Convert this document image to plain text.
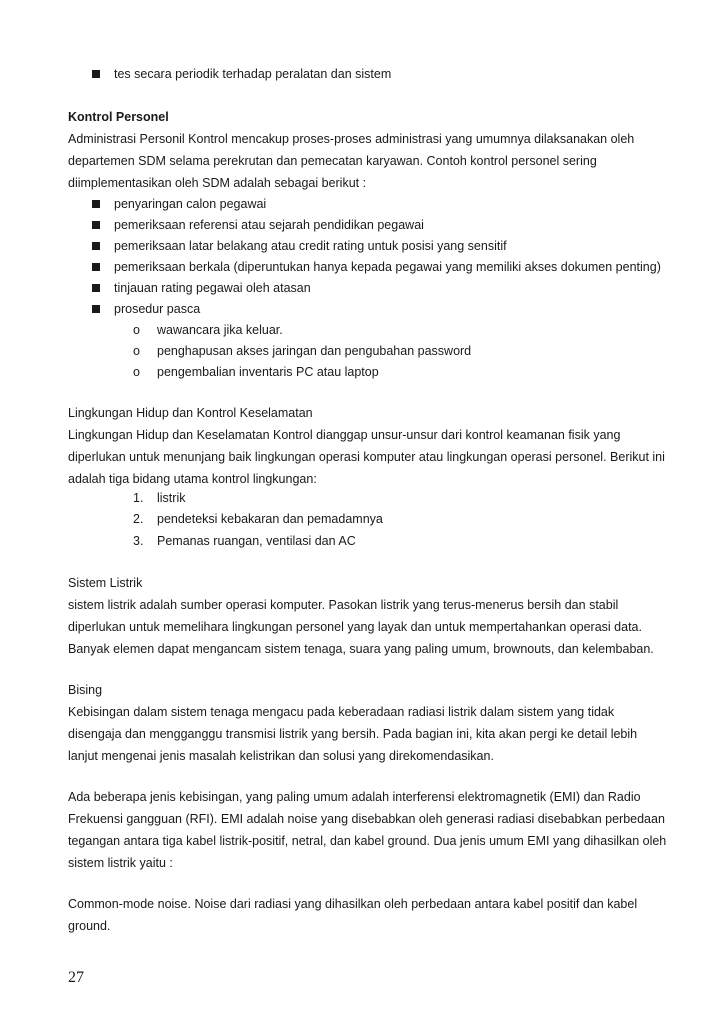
tes secara periodik terhadap peralatan dan sistem
Kontrol Personel
Administrasi Personil Kontrol mencakup proses-proses administrasi yang umumnya dilaksanakan oleh
departemen SDM selama perekrutan dan pemecatan karyawan. Contoh kontrol personel sering
diimplementasikan oleh SDM adalah sebagai berikut :
penyaringan calon pegawai
pemeriksaan referensi atau sejarah pendidikan pegawai
pemeriksaan latar belakang atau credit rating untuk posisi yang sensitif
pemeriksaan berkala (diperuntukan hanya kepada pegawai yang memiliki akses dokumen penting)
tinjauan rating pegawai oleh atasan
prosedur pasca
o wawancara jika keluar.
o penghapusan akses jaringan dan pengubahan password
o pengembalian inventaris PC atau laptop
Lingkungan Hidup dan Kontrol Keselamatan
Lingkungan Hidup dan Keselamatan Kontrol dianggap unsur-unsur dari kontrol keamanan fisik yang
diperlukan untuk menunjang baik lingkungan operasi komputer atau lingkungan operasi personel. Berikut ini
adalah tiga bidang utama kontrol lingkungan:
1. listrik
2. pendeteksi kebakaran dan pemadamnya
3. Pemanas ruangan, ventilasi dan AC
Sistem Listrik
sistem listrik adalah sumber operasi komputer. Pasokan listrik yang terus-menerus bersih dan stabil
diperlukan untuk memelihara lingkungan personel yang layak dan untuk mempertahankan operasi data.
Banyak elemen dapat mengancam sistem tenaga, suara yang paling umum, brownouts, dan kelembaban.
Bising
Kebisingan dalam sistem tenaga mengacu pada keberadaan radiasi listrik dalam sistem yang tidak
disengaja dan mengganggu transmisi listrik yang bersih. Pada bagian ini, kita akan pergi ke detail lebih
lanjut mengenai jenis masalah kelistrikan dan solusi yang direkomendasikan.
Ada beberapa jenis kebisingan, yang paling umum adalah interferensi elektromagnetik (EMI) dan Radio
Frekuensi gangguan (RFI). EMI adalah noise yang disebabkan oleh generasi radiasi disebabkan perbedaan
tegangan antara tiga kabel listrik-positif, netral, dan kabel ground. Dua jenis umum EMI yang dihasilkan oleh
sistem listrik yaitu :
Common-mode noise. Noise dari radiasi yang dihasilkan oleh perbedaan antara kabel positif dan kabel
ground.
27
